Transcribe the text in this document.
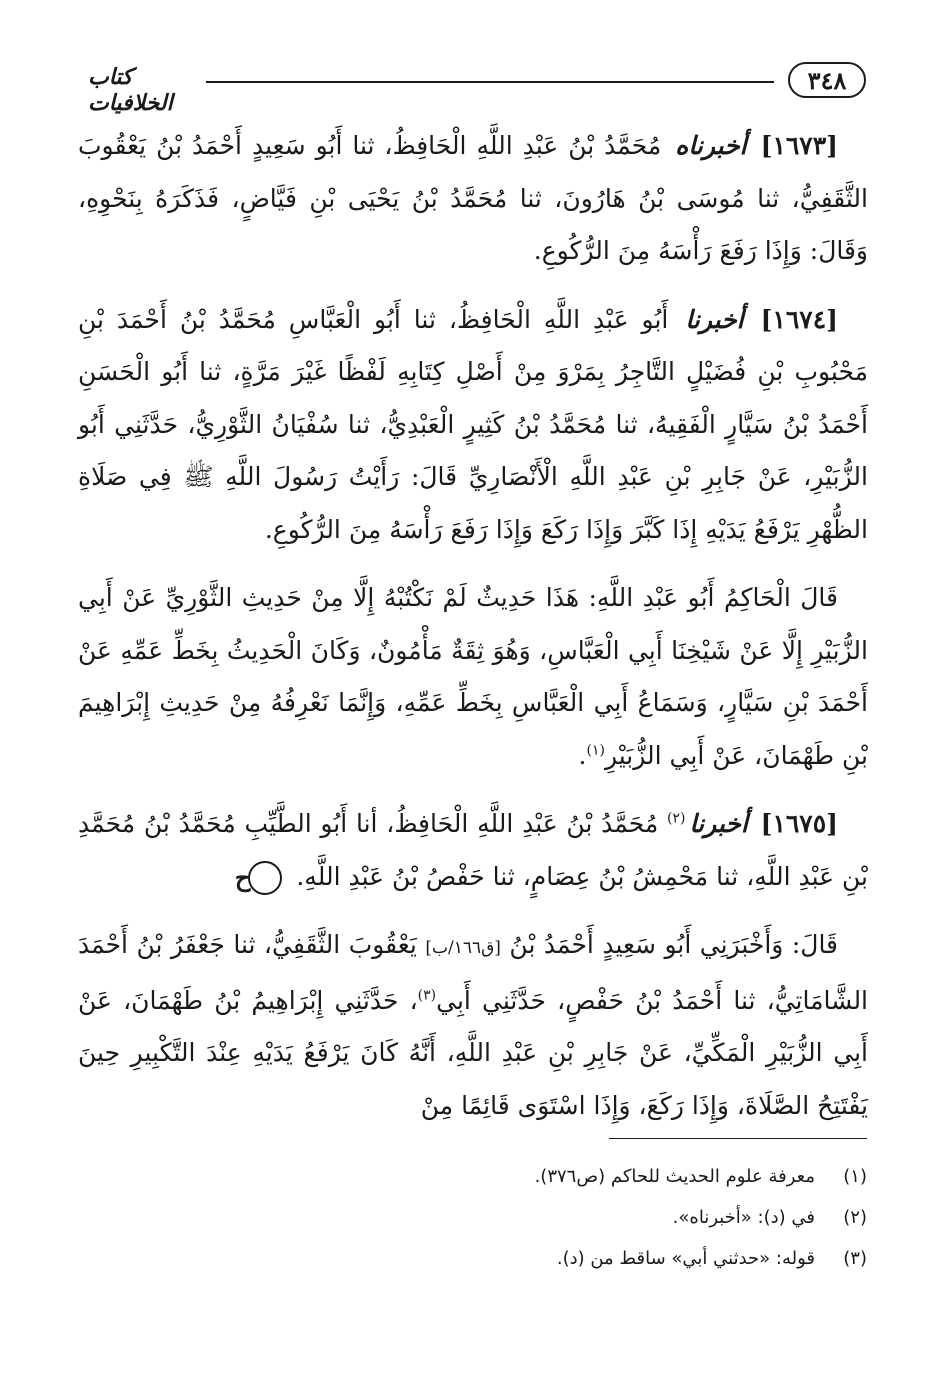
٣٤٨
كتاب الخلافيات

[١٦٧٣] أخبرناه مُحَمَّدُ بْنُ عَبْدِ اللَّهِ الْحَافِظُ، ثنا أَبُو سَعِيدٍ أَحْمَدُ بْنُ يَعْقُوبَ الثَّقَفِيُّ، ثنا مُوسَى بْنُ هَارُونَ، ثنا مُحَمَّدُ بْنُ يَحْيَى بْنِ فَيَّاضٍ، فَذَكَرَهُ بِنَحْوِهِ، وَقَالَ: وَإِذَا رَفَعَ رَأْسَهُ مِنَ الرُّكُوعِ.

[١٦٧٤] أخبرنا أَبُو عَبْدِ اللَّهِ الْحَافِظُ، ثنا أَبُو الْعَبَّاسِ مُحَمَّدُ بْنُ أَحْمَدَ بْنِ مَحْبُوبِ بْنِ فُضَيْلٍ التَّاجِرُ بِمَرْوَ مِنْ أَصْلِ كِتَابِهِ لَفْظًا غَيْرَ مَرَّةٍ، ثنا أَبُو الْحَسَنِ أَحْمَدُ بْنُ سَيَّارٍ الْفَقِيهُ، ثنا مُحَمَّدُ بْنُ كَثِيرٍ الْعَبْدِيُّ، ثنا سُفْيَانُ الثَّوْرِيُّ، حَدَّثَنِي أَبُو الزُّبَيْرِ، عَنْ جَابِرِ بْنِ عَبْدِ اللَّهِ الْأَنْصَارِيِّ قَالَ: رَأَيْتُ رَسُولَ اللَّهِ ﷺ فِي صَلَاةِ الظُّهْرِ يَرْفَعُ يَدَيْهِ إِذَا كَبَّرَ وَإِذَا رَكَعَ وَإِذَا رَفَعَ رَأْسَهُ مِنَ الرُّكُوعِ.

قَالَ الْحَاكِمُ أَبُو عَبْدِ اللَّهِ: هَذَا حَدِيثٌ لَمْ نَكْتُبْهُ إِلَّا مِنْ حَدِيثِ الثَّوْرِيِّ عَنْ أَبِي الزُّبَيْرِ إِلَّا عَنْ شَيْخِنَا أَبِي الْعَبَّاسِ، وَهُوَ ثِقَةٌ مَأْمُونٌ، وَكَانَ الْحَدِيثُ بِخَطِّ عَمِّهِ عَنْ أَحْمَدَ بْنِ سَيَّارٍ، وَسَمَاعُ أَبِي الْعَبَّاسِ بِخَطِّ عَمِّهِ، وَإِنَّمَا نَعْرِفُهُ مِنْ حَدِيثِ إِبْرَاهِيمَ بْنِ طَهْمَانَ، عَنْ أَبِي الزُّبَيْرِ$^{(١)}$.

[١٦٧٥] أخبرنا$^{(٢)}$ مُحَمَّدُ بْنُ عَبْدِ اللَّهِ الْحَافِظُ، أنا أَبُو الطَّيِّبِ مُحَمَّدُ بْنُ مُحَمَّدِ بْنِ عَبْدِ اللَّهِ، ثنا مَحْمِشُ بْنُ عِصَامٍ، ثنا حَفْصُ بْنُ عَبْدِ اللَّهِ. ح

قَالَ: وَأَخْبَرَنِي أَبُو سَعِيدٍ أَحْمَدُ بْنُ [ق١٦٦/ب] يَعْقُوبَ الثَّقَفِيُّ، ثنا جَعْفَرُ بْنُ أَحْمَدَ الشَّامَاتِيُّ، ثنا أَحْمَدُ بْنُ حَفْصٍ، حَدَّثَنِي أَبِي$^{(٣)}$، حَدَّثَنِي إِبْرَاهِيمُ بْنُ طَهْمَانَ، عَنْ أَبِي الزُّبَيْرِ الْمَكِّيِّ، عَنْ جَابِرِ بْنِ عَبْدِ اللَّهِ، أَنَّهُ كَانَ يَرْفَعُ يَدَيْهِ عِنْدَ التَّكْبِيرِ حِينَ يَفْتَتِحُ الصَّلَاةَ، وَإِذَا رَكَعَ، وَإِذَا اسْتَوَى قَائِمًا مِنْ

(١)
معرفة علوم الحديث للحاكم (ص٣٧٦).
(٢)
في (د): «أخبرناه».
(٣)
قوله: «حدثني أبي» ساقط من (د).
